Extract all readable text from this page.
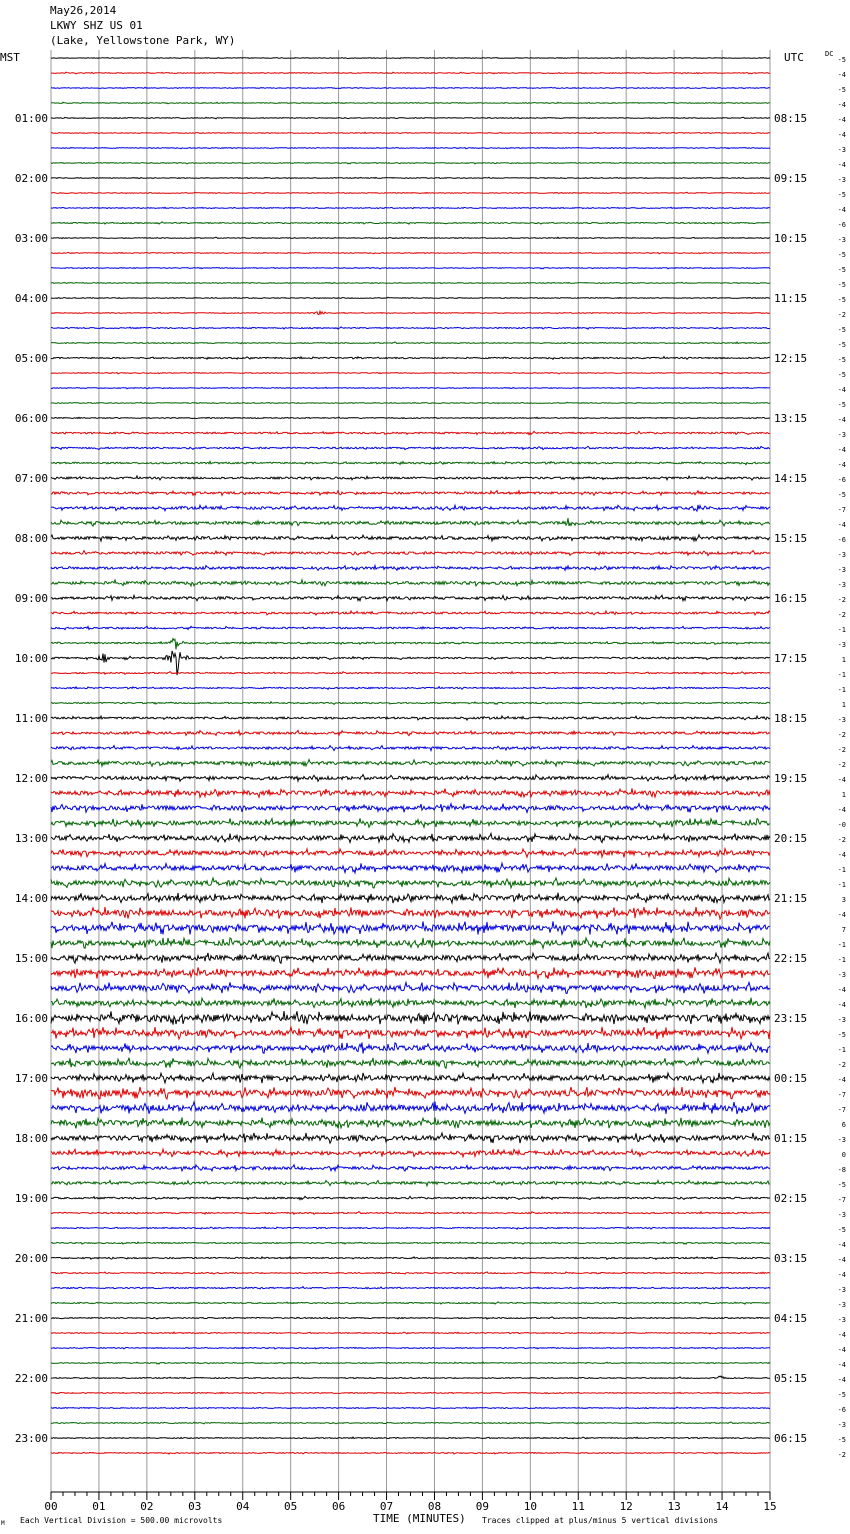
May26,2014
LKWY SHZ US 01
(Lake, Yellowstone Park, WY)
00	01	02	03	04	05	06	07	08	09	10	11	12	13	14	15
-5
-4
-5
-4
-4
-4
-3
-4
-3
-5
-4
-6
-3
-5
-5
-5
-5
-2
-5
-5
-5
-5
-4
-5
-4
-3
-4
-4
-6
-5
-7
-4
-6
-3
-3
-3
-2
-2
-1
-3
1
-1
-1
1
-3
-2
-2
-2
-4
1
-4
-0
-2
-4
-1
-1
3
-4
7
-1
-1
-3
-4
-4
-3
-5
-1
-2
-4
-7
-7
6
-3
0
-8
-5
-7
-3
-5
-4
-4
-4
-3
-3
-3
-4
-4
-4
-4
-5
-6
-3
-5
-2
01:00
02:00
03:00
04:00
05:00
06:00
07:00
08:00
09:00
10:00
11:00
12:00
13:00
14:00
15:00
16:00
17:00
18:00
19:00
20:00
21:00
22:00
23:00
08:15
09:15
10:15
11:15
12:15
13:15
14:15
15:15
16:15
17:15
18:15
19:15
20:15
21:15
22:15
23:15
00:15
01:15
02:15
03:15
04:15
05:15
06:15
MST	UTC	DC
TIME (MINUTES)
Each Vertical Division = 500.00 microvolts	Traces clipped at plus/minus 5 vertical divisions
M
